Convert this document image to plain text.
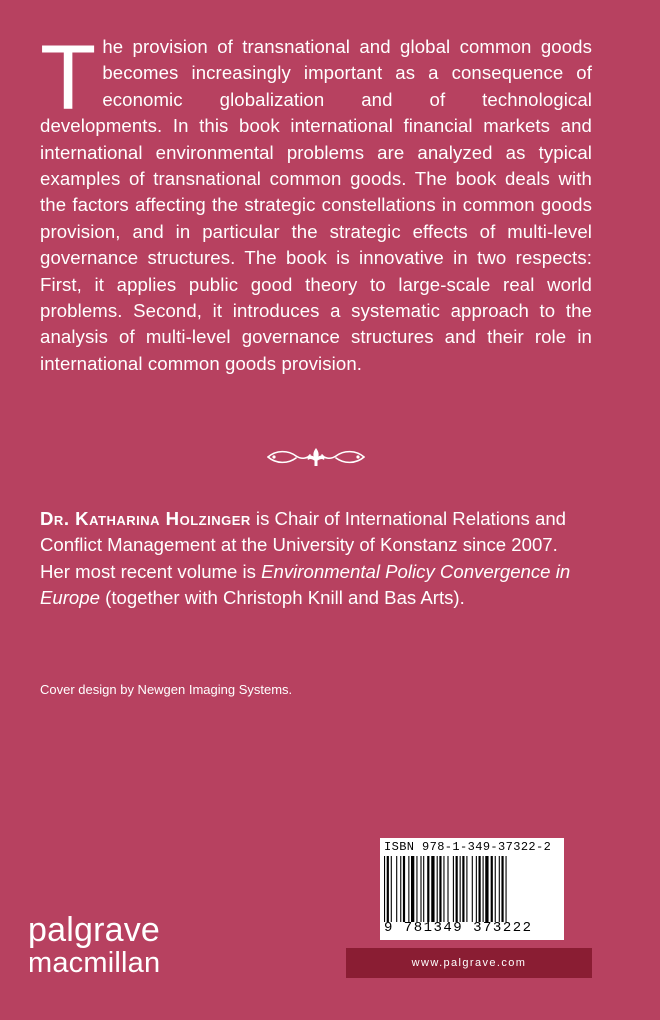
The provision of transnational and global common goods becomes increasingly important as a consequence of economic globalization and of technological developments. In this book international financial markets and international environmental problems are analyzed as typical examples of transnational common goods. The book deals with the factors affecting the strategic constellations in common goods provision, and in particular the strategic effects of multi-level governance structures. The book is innovative in two respects: First, it applies public good theory to large-scale real world problems. Second, it introduces a systematic approach to the analysis of multi-level governance structures and their role in international common goods provision.
Dr. Katharina Holzinger is Chair of International Relations and Conflict Management at the University of Konstanz since 2007. Her most recent volume is Environmental Policy Convergence in Europe (together with Christoph Knill and Bas Arts).
Cover design by Newgen Imaging Systems.
ISBN 978-1-349-37322-2
9 781349 373222
palgrave
macmillan	www.palgrave.com
